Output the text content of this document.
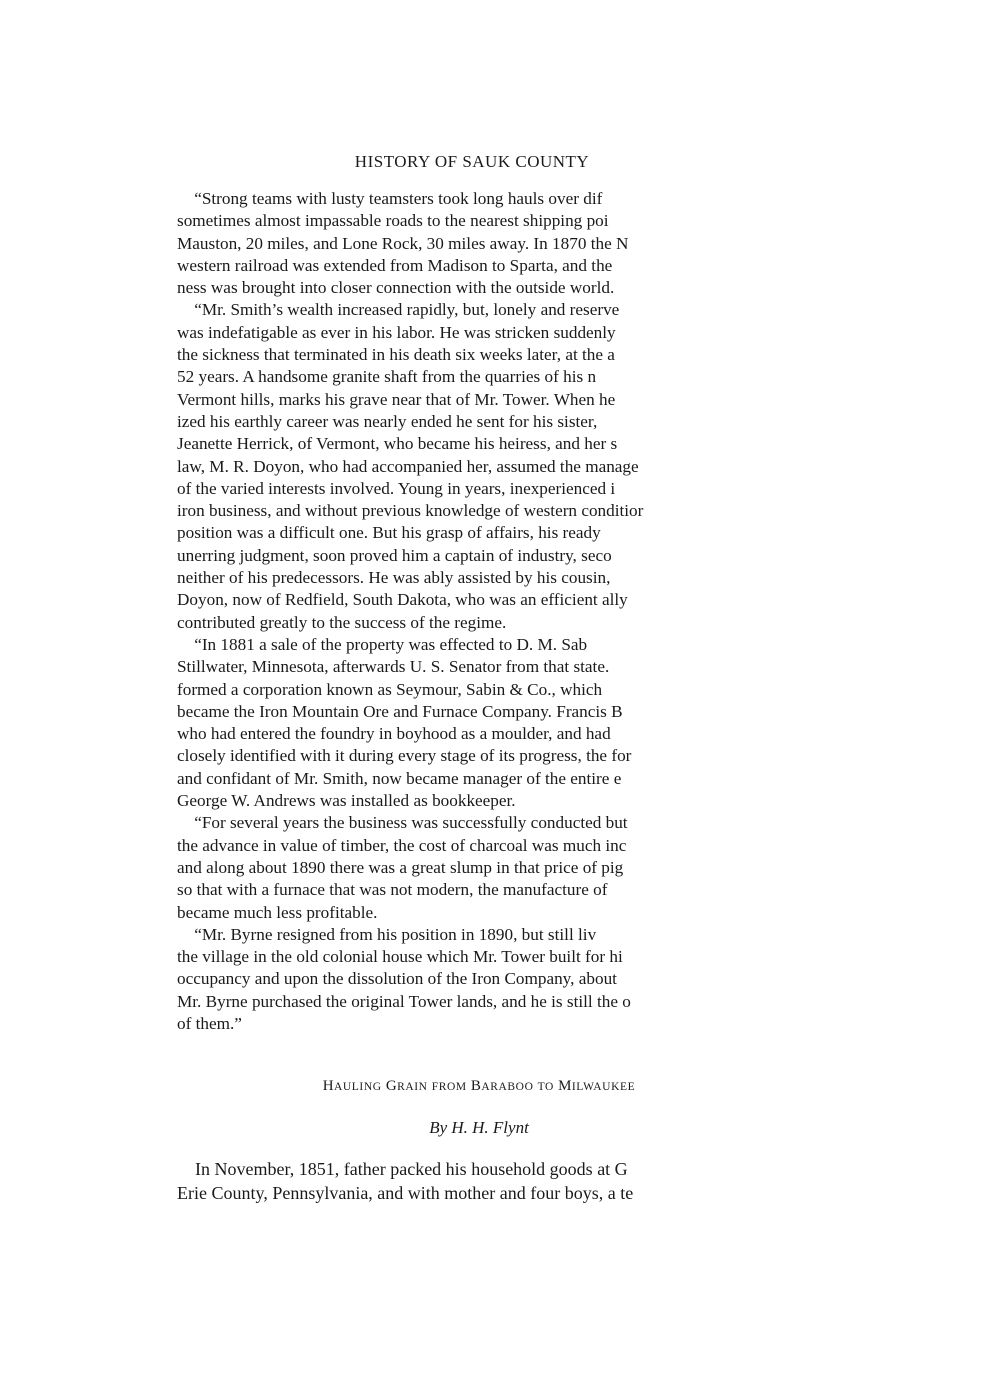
HISTORY OF SAUK COUNTY
“Strong teams with lusty teamsters took long hauls over dif
sometimes almost impassable roads to the nearest shipping poi
Mauston, 20 miles, and Lone Rock, 30 miles away. In 1870 the N
western railroad was extended from Madison to Sparta, and the
ness was brought into closer connection with the outside world.
“Mr. Smith’s wealth increased rapidly, but, lonely and reserve
was indefatigable as ever in his labor. He was stricken suddenly
the sickness that terminated in his death six weeks later, at the a
52 years. A handsome granite shaft from the quarries of his n
Vermont hills, marks his grave near that of Mr. Tower. When he
ized his earthly career was nearly ended he sent for his sister,
Jeanette Herrick, of Vermont, who became his heiress, and her s
law, M. R. Doyon, who had accompanied her, assumed the manage
of the varied interests involved. Young in years, inexperienced i
iron business, and without previous knowledge of western conditior
position was a difficult one. But his grasp of affairs, his ready
unerring judgment, soon proved him a captain of industry, seco
neither of his predecessors. He was ably assisted by his cousin,
Doyon, now of Redfield, South Dakota, who was an efficient ally
contributed greatly to the success of the regime.
“In 1881 a sale of the property was effected to D. M. Sab
Stillwater, Minnesota, afterwards U. S. Senator from that state.
formed a corporation known as Seymour, Sabin & Co., which
became the Iron Mountain Ore and Furnace Company. Francis B
who had entered the foundry in boyhood as a moulder, and had
closely identified with it during every stage of its progress, the for
and confidant of Mr. Smith, now became manager of the entire e
George W. Andrews was installed as bookkeeper.
“For several years the business was successfully conducted but
the advance in value of timber, the cost of charcoal was much inc
and along about 1890 there was a great slump in that price of pig
so that with a furnace that was not modern, the manufacture of
became much less profitable.
“Mr. Byrne resigned from his position in 1890, but still liv
the village in the old colonial house which Mr. Tower built for hi
occupancy and upon the dissolution of the Iron Company, about
Mr. Byrne purchased the original Tower lands, and he is still the o
of them.”
HAULING GRAIN FROM BARABOO TO MILWAUKEE
By H. H. Flynt
In November, 1851, father packed his household goods at G
Erie County, Pennsylvania, and with mother and four boys, a te
